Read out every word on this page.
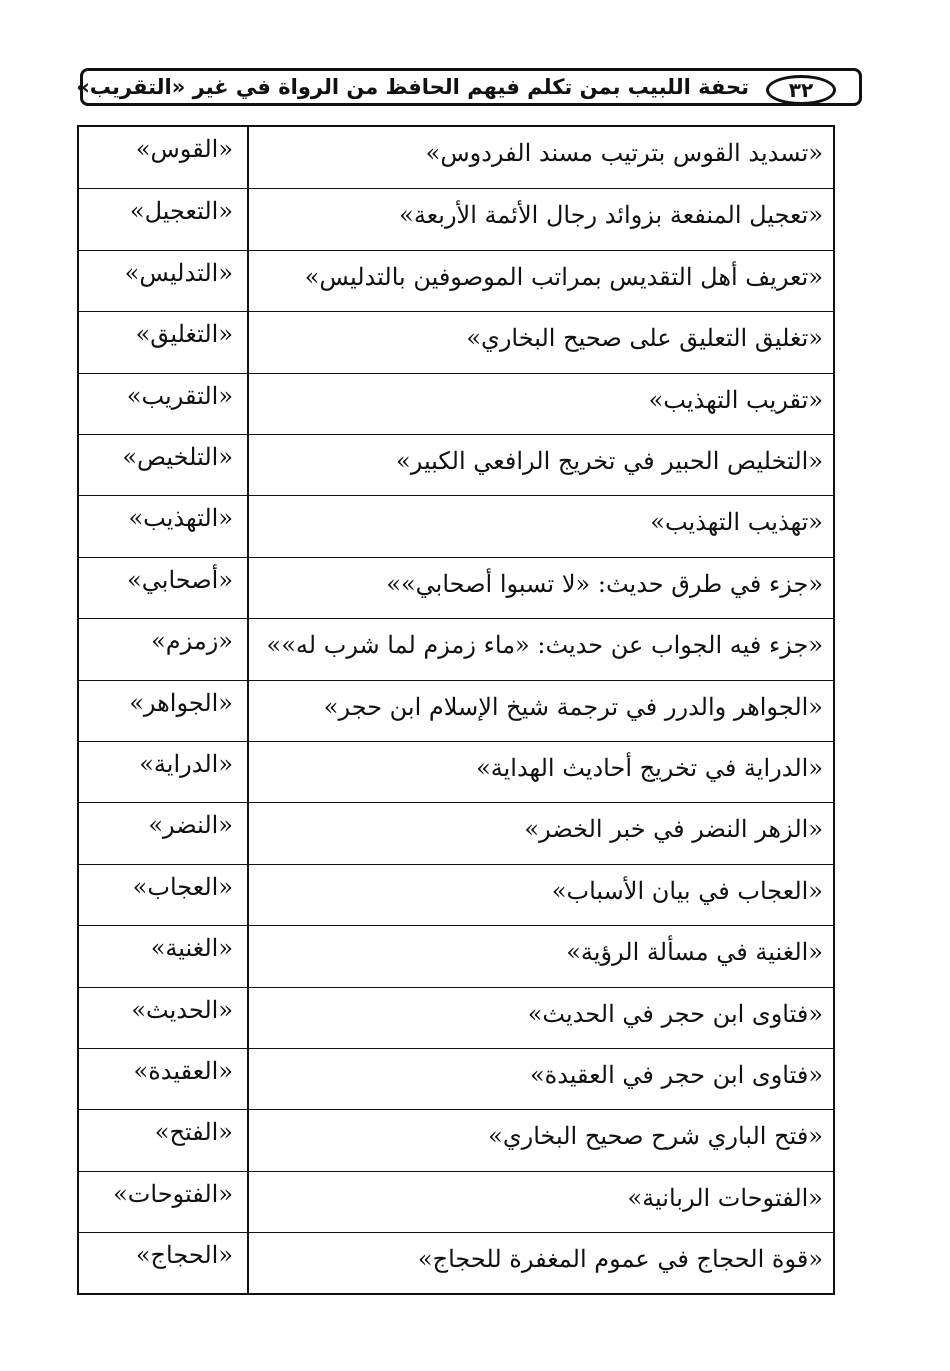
تحفة اللبيب بمن تكلم فيهم الحافظ من الرواة في غير «التقريب»	٣٢
«تسديد القوس بترتيب مسند الفردوس»
«القوس»
«تعجيل المنفعة بزوائد رجال الأئمة الأربعة»
«التعجيل»
«تعريف أهل التقديس بمراتب الموصوفين بالتدليس»
«التدليس»
«تغليق التعليق على صحيح البخاري»
«التغليق»
«تقريب التهذيب»
«التقريب»
«التخليص الحبير في تخريج الرافعي الكبير»
«التلخيص»
«تهذيب التهذيب»
«التهذيب»
«جزء في طرق حديث: «لا تسبوا أصحابي»»
«أصحابي»
«جزء فيه الجواب عن حديث: «ماء زمزم لما شرب له»»
«زمزم»
«الجواهر والدرر في ترجمة شيخ الإسلام ابن حجر»
«الجواهر»
«الدراية في تخريج أحاديث الهداية»
«الدراية»
«الزهر النضر في خبر الخضر»
«النضر»
«العجاب في بيان الأسباب»
«العجاب»
«الغنية في مسألة الرؤية»
«الغنية»
«فتاوى ابن حجر في الحديث»
«الحديث»
«فتاوى ابن حجر في العقيدة»
«العقيدة»
«فتح الباري شرح صحيح البخاري»
«الفتح»
«الفتوحات الربانية»
«الفتوحات»
«قوة الحجاج في عموم المغفرة للحجاج»
«الحجاج»
